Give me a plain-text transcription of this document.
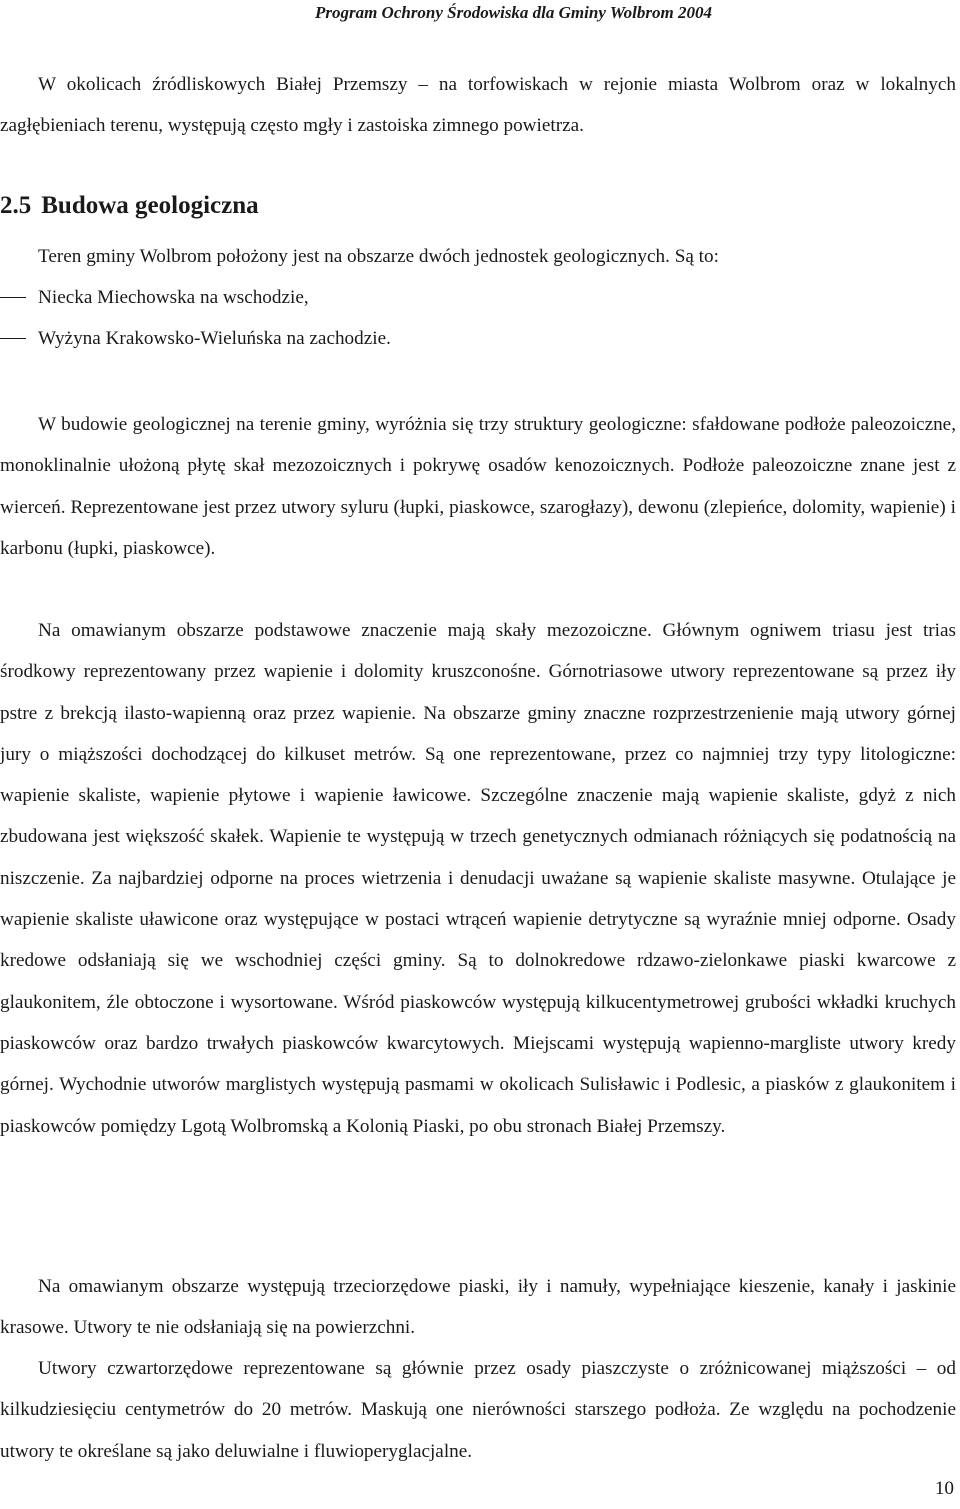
Program Ochrony Środowiska dla Gminy Wolbrom 2004

W okolicach źródliskowych Białej Przemszy – na torfowiskach w rejonie miasta Wolbrom oraz w lokalnych zagłębieniach terenu, występują często mgły i zastoiska zimnego powietrza.

2.5 Budowa geologiczna

Teren gminy Wolbrom położony jest na obszarze dwóch jednostek geologicznych. Są to:

Niecka Miechowska na wschodzie,
Wyżyna Krakowsko-Wieluńska na zachodzie.

W budowie geologicznej na terenie gminy, wyróżnia się trzy struktury geologiczne: sfałdowane podłoże paleozoiczne, monoklinalnie ułożoną płytę skał mezozoicznych i pokrywę osadów kenozoicznych. Podłoże paleozoiczne znane jest z wierceń. Reprezentowane jest przez utwory syluru (łupki, piaskowce, szarogłazy), dewonu (zlepieńce, dolomity, wapienie) i karbonu (łupki, piaskowce).

Na omawianym obszarze podstawowe znaczenie mają skały mezozoiczne. Głównym ogniwem triasu jest trias środkowy reprezentowany przez wapienie i dolomity kruszconośne. Górnotriasowe utwory reprezentowane są przez iły pstre z brekcją ilasto-wapienną oraz przez wapienie. Na obszarze gminy znaczne rozprzestrzenienie mają utwory górnej jury o miąższości dochodzącej do kilkuset metrów. Są one reprezentowane, przez co najmniej trzy typy litologiczne: wapienie skaliste, wapienie płytowe i wapienie ławicowe. Szczególne znaczenie mają wapienie skaliste, gdyż z nich zbudowana jest większość skałek. Wapienie te występują w trzech genetycznych odmianach różniących się podatnością na niszczenie. Za najbardziej odporne na proces wietrzenia i denudacji uważane są wapienie skaliste masywne. Otulające je wapienie skaliste uławicone oraz występujące w postaci wtrąceń wapienie detrytyczne są wyraźnie mniej odporne. Osady kredowe odsłaniają się we wschodniej części gminy. Są to dolnokredowe rdzawo-zielonkawe piaski kwarcowe z glaukonitem, źle obtoczone i wysortowane. Wśród piaskowców występują kilkucentymetrowej grubości wkładki kruchych piaskowców oraz bardzo trwałych piaskowców kwarcytowych. Miejscami występują wapienno-margliste utwory kredy górnej. Wychodnie utworów marglistych występują pasmami w okolicach Sulisławic i Podlesic, a piasków z glaukonitem i piaskowców pomiędzy Lgotą Wolbromską a Kolonią Piaski, po obu stronach Białej Przemszy.

Na omawianym obszarze występują trzeciorzędowe piaski, iły i namuły, wypełniające kieszenie, kanały i jaskinie krasowe. Utwory te nie odsłaniają się na powierzchni.

Utwory czwartorzędowe reprezentowane są głównie przez osady piaszczyste o zróżnicowanej miąższości – od kilkudziesięciu centymetrów do 20 metrów. Maskują one nierówności starszego podłoża. Ze względu na pochodzenie utwory te określane są jako deluwialne i fluwioperyglacjalne.

10
